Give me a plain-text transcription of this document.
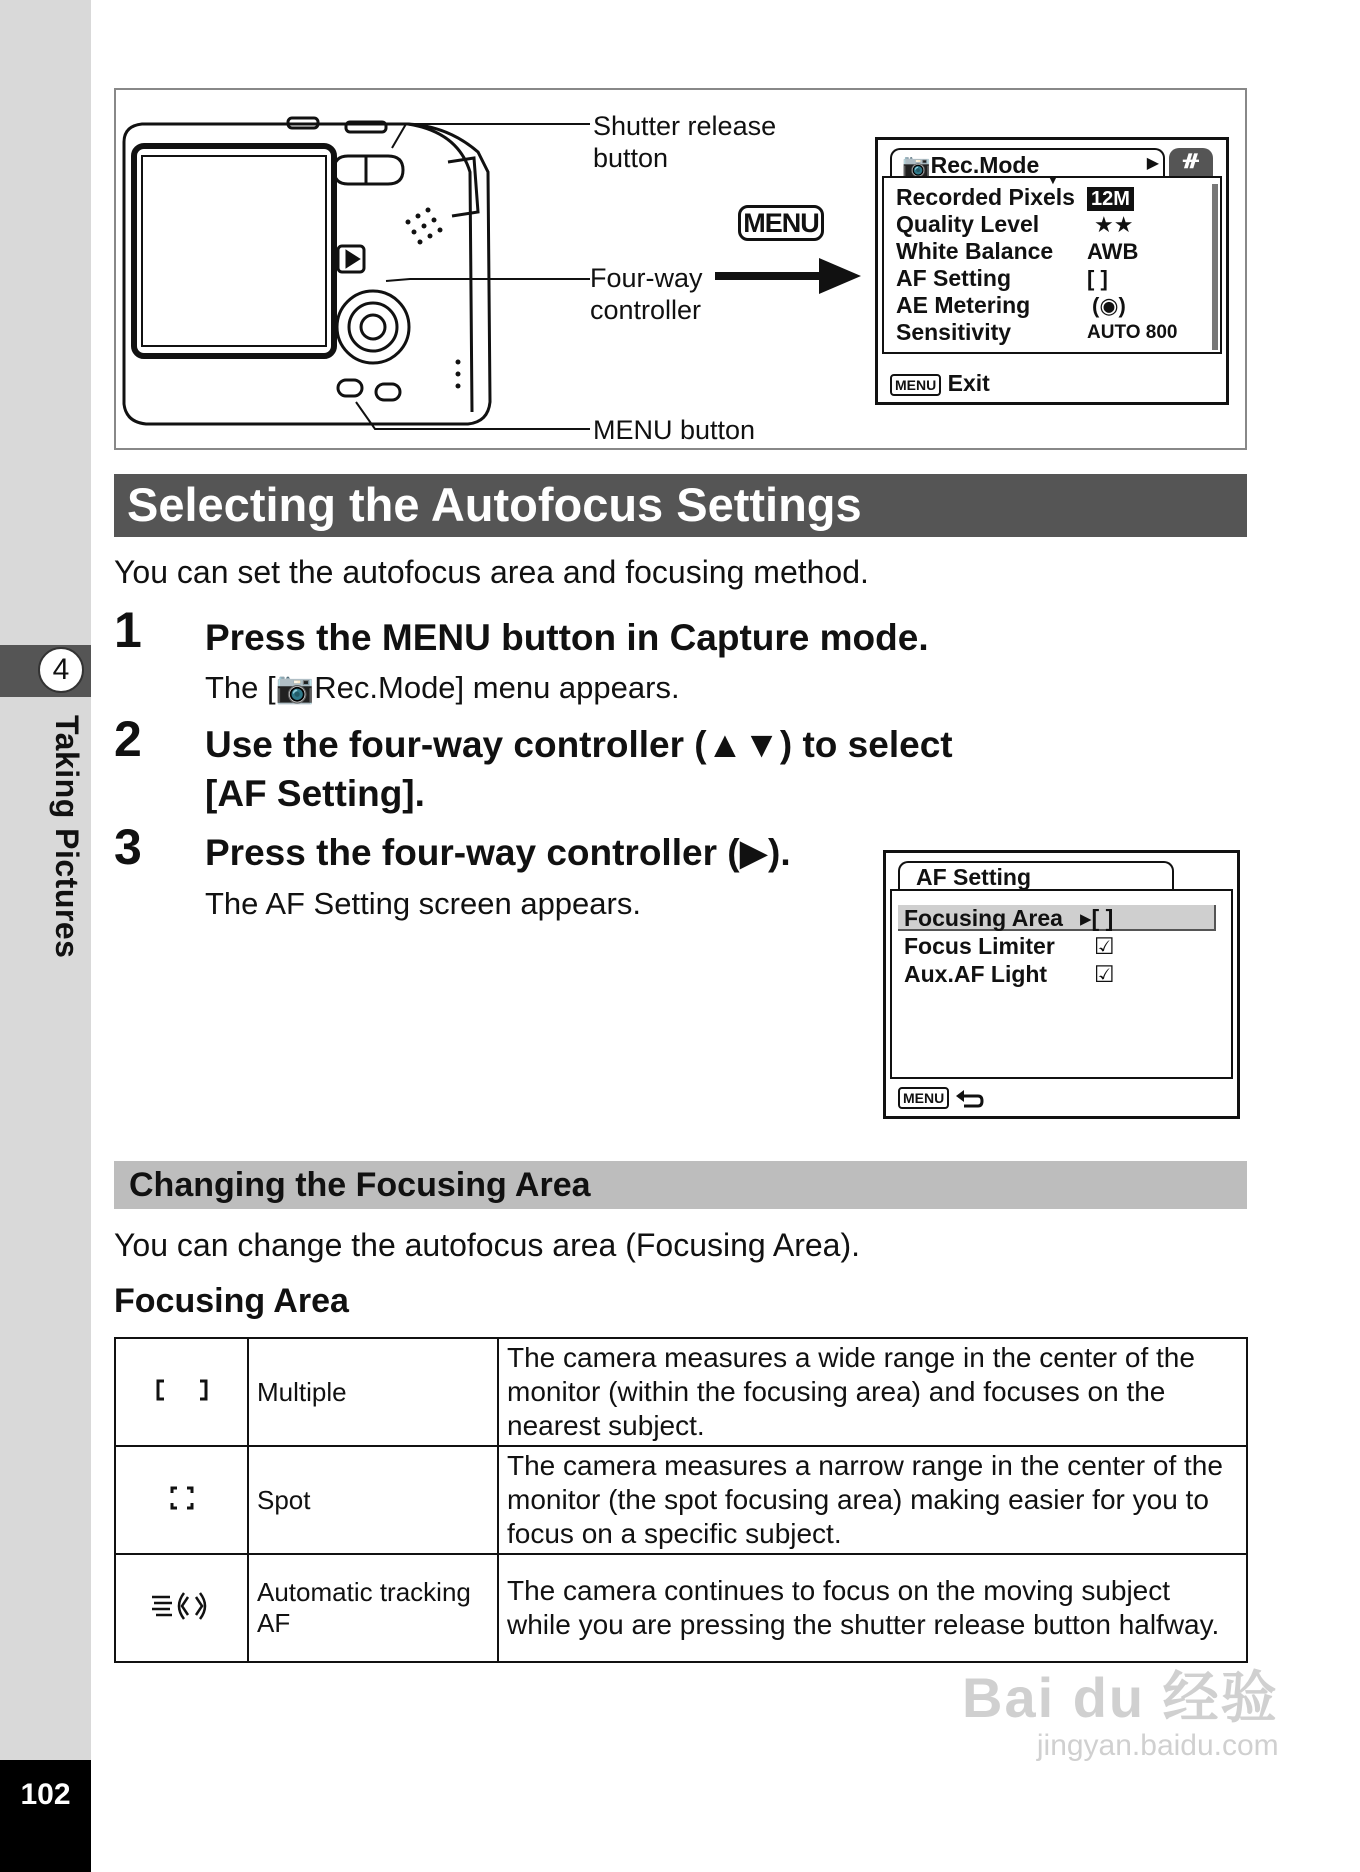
4
Taking Pictures
102
Shutter release
button
Four-way
controller
MENU button
MENU
📷Rec.Mode	▶ ᚌ
▼
Recorded Pixels 12M
Quality Level ★★
White Balance AWB
AF Setting	[ ]
AE Metering	(◉)
Sensitivity	AUTO 800
MENU Exit
Selecting the Autofocus Settings
You can set the autofocus area and focusing method.
1 Press the MENU button in Capture mode.
The [📷Rec.Mode] menu appears.
2 Use the four-way controller (▲▼) to select
[AF Setting].
3 Press the four-way controller (▶).
The AF Setting screen appears.
AF Setting
Focusing Area ▸[ ]
Focus Limiter ☑
Aux.AF Light ☑
MENU
Changing the Focusing Area
You can change the autofocus area (Focusing Area).
Focusing Area
	Multiple	The camera measures a wide range in the center of the monitor (within the focusing area) and focuses on the nearest subject.
	Spot	The camera measures a narrow range in the center of the monitor (the spot focusing area) making easier for you to focus on a specific subject.
	Automatic tracking AF	The camera continues to focus on the moving subject while you are pressing the shutter release button halfway.
Bai du 经验
jingyan.baidu.com
